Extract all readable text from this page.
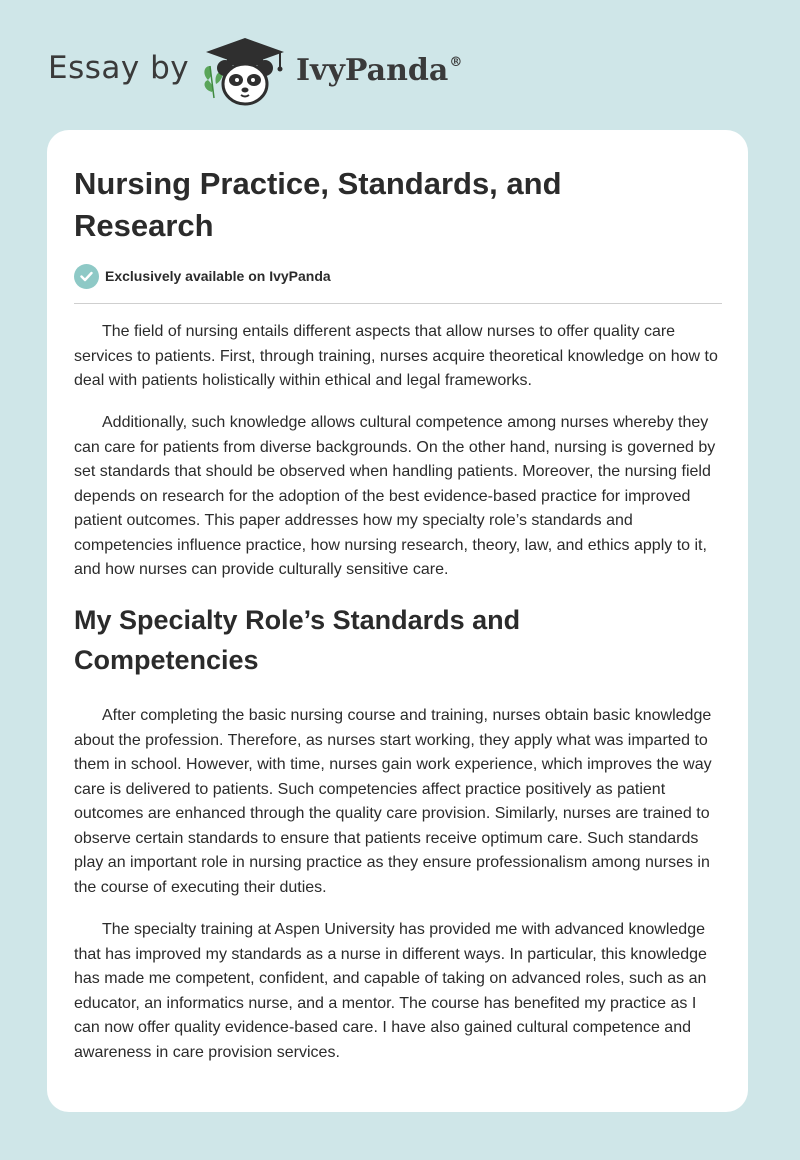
Essay by	IvyPanda®
Nursing Practice, Standards, and Research
Exclusively available on IvyPanda

The field of nursing entails different aspects that allow nurses to offer quality care services to patients. First, through training, nurses acquire theoretical knowledge on how to deal with patients holistically within ethical and legal frameworks.

Additionally, such knowledge allows cultural competence among nurses whereby they can care for patients from diverse backgrounds. On the other hand, nursing is governed by set standards that should be observed when handling patients. Moreover, the nursing field depends on research for the adoption of the best evidence-based practice for improved patient outcomes. This paper addresses how my specialty role’s standards and competencies influence practice, how nursing research, theory, law, and ethics apply to it, and how nurses can provide culturally sensitive care.

My Specialty Role’s Standards and Competencies

After completing the basic nursing course and training, nurses obtain basic knowledge about the profession. Therefore, as nurses start working, they apply what was imparted to them in school. However, with time, nurses gain work experience, which improves the way care is delivered to patients. Such competencies affect practice positively as patient outcomes are enhanced through the quality care provision. Similarly, nurses are trained to observe certain standards to ensure that patients receive optimum care. Such standards play an important role in nursing practice as they ensure professionalism among nurses in the course of executing their duties.

The specialty training at Aspen University has provided me with advanced knowledge that has improved my standards as a nurse in different ways. In particular, this knowledge has made me competent, confident, and capable of taking on advanced roles, such as an educator, an informatics nurse, and a mentor. The course has benefited my practice as I can now offer quality evidence-based care. I have also gained cultural competence and awareness in care provision services.
